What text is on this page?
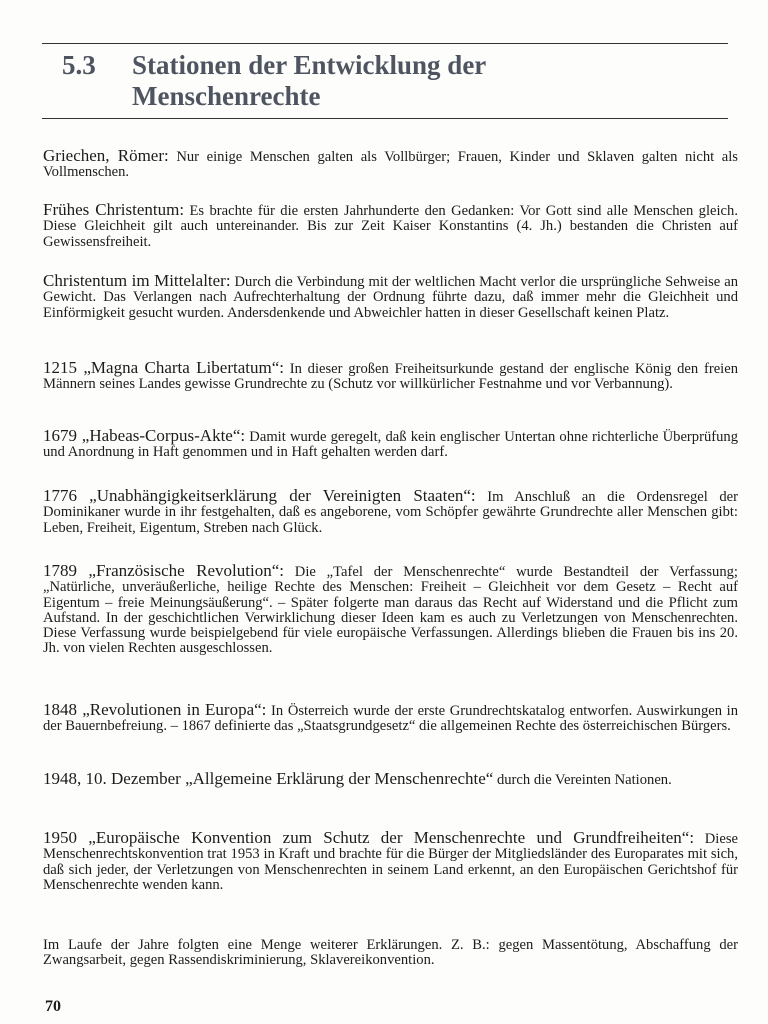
5.3 Stationen der Entwicklung der
Menschenrechte

Griechen, Römer: Nur einige Menschen galten als Vollbürger; Frauen, Kinder und Sklaven galten nicht als Vollmenschen.

Frühes Christentum: Es brachte für die ersten Jahrhunderte den Gedanken: Vor Gott sind alle Menschen gleich. Diese Gleichheit gilt auch untereinander. Bis zur Zeit Kaiser Konstantins (4. Jh.) bestanden die Christen auf Gewissensfreiheit.

Christentum im Mittelalter: Durch die Verbindung mit der weltlichen Macht verlor die ursprüngliche Sehweise an Gewicht. Das Verlangen nach Aufrechterhaltung der Ordnung führte dazu, daß immer mehr die Gleichheit und Einförmigkeit gesucht wurden. Andersdenkende und Abweichler hatten in dieser Gesellschaft keinen Platz.

1215 „Magna Charta Libertatum“: In dieser großen Freiheitsurkunde gestand der englische König den freien Männern seines Landes gewisse Grundrechte zu (Schutz vor willkürlicher Festnahme und vor Verbannung).

1679 „Habeas-Corpus-Akte“: Damit wurde geregelt, daß kein englischer Untertan ohne richterliche Überprüfung und Anordnung in Haft genommen und in Haft gehalten werden darf.

1776 „Unabhängigkeitserklärung der Vereinigten Staaten“: Im Anschluß an die Ordensregel der Dominikaner wurde in ihr festgehalten, daß es angeborene, vom Schöpfer gewährte Grundrechte aller Menschen gibt: Leben, Freiheit, Eigentum, Streben nach Glück.

1789 „Französische Revolution“: Die „Tafel der Menschenrechte“ wurde Bestandteil der Verfassung; „Natürliche, unveräußerliche, heilige Rechte des Menschen: Freiheit – Gleichheit vor dem Gesetz – Recht auf Eigentum – freie Meinungsäußerung“. – Später folgerte man daraus das Recht auf Widerstand und die Pflicht zum Aufstand. In der geschichtlichen Verwirklichung dieser Ideen kam es auch zu Verletzungen von Menschenrechten. Diese Verfassung wurde beispielgebend für viele europäische Verfassungen. Allerdings blieben die Frauen bis ins 20. Jh. von vielen Rechten ausgeschlossen.

1848 „Revolutionen in Europa“: In Österreich wurde der erste Grundrechtskatalog entworfen. Auswirkungen in der Bauernbefreiung. – 1867 definierte das „Staatsgrundgesetz“ die allgemeinen Rechte des österreichischen Bürgers.

1948, 10. Dezember „Allgemeine Erklärung der Menschenrechte“ durch die Vereinten Nationen.

1950 „Europäische Konvention zum Schutz der Menschenrechte und Grundfreiheiten“: Diese Menschenrechtskonvention trat 1953 in Kraft und brachte für die Bürger der Mitgliedsländer des Europarates mit sich, daß sich jeder, der Verletzungen von Menschenrechten in seinem Land erkennt, an den Europäischen Gerichtshof für Menschenrechte wenden kann.

Im Laufe der Jahre folgten eine Menge weiterer Erklärungen. Z. B.: gegen Massentötung, Abschaffung der Zwangsarbeit, gegen Rassendiskriminierung, Sklavereikonvention.

70
